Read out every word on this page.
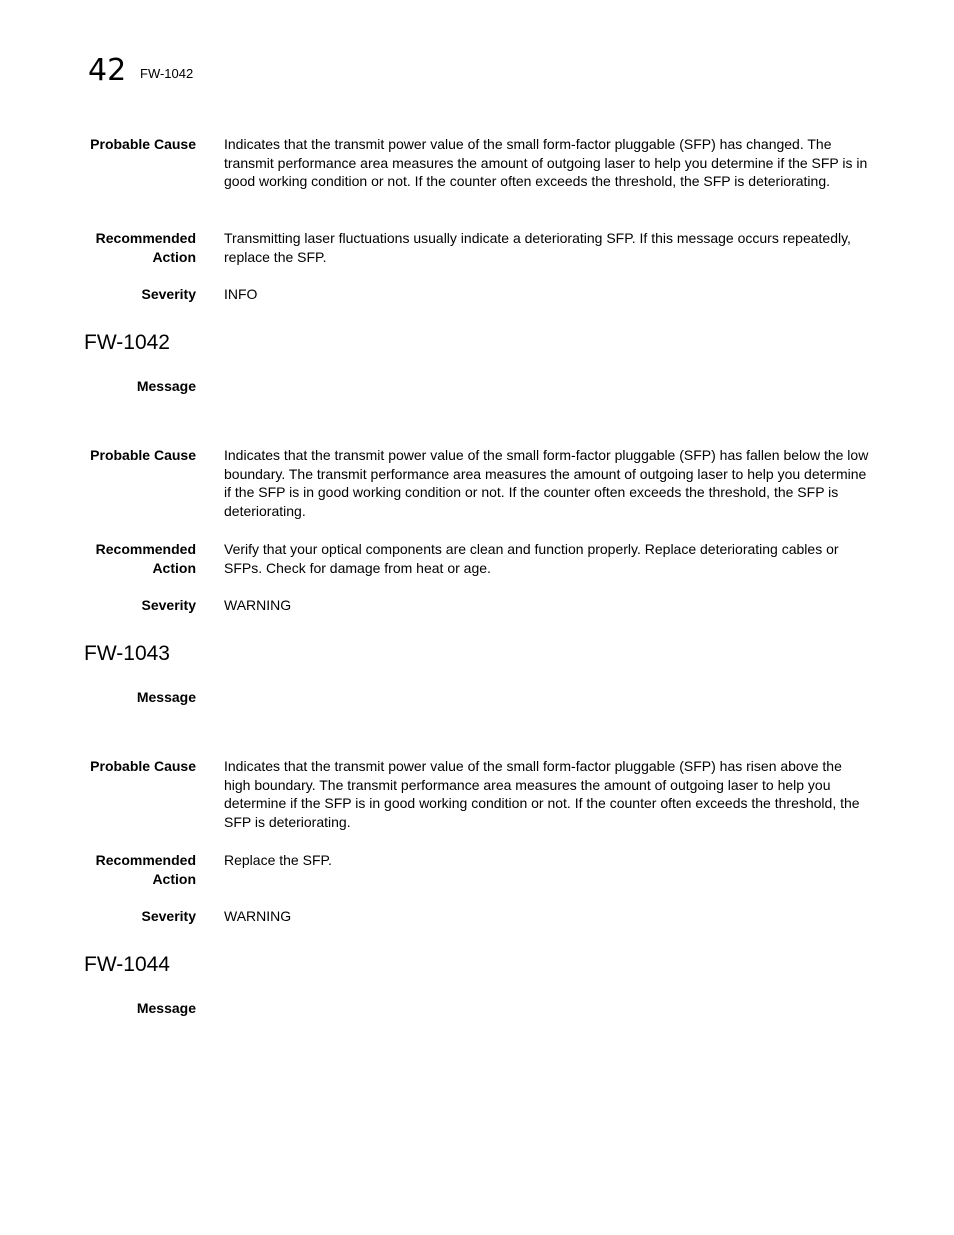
42 FW-1042
Probable Cause Indicates that the transmit power value of the small form-factor pluggable (SFP) has changed. The transmit performance area measures the amount of outgoing laser to help you determine if the SFP is in good working condition or not. If the counter often exceeds the threshold, the SFP is deteriorating.
Recommended
Action
Transmitting laser fluctuations usually indicate a deteriorating SFP. If this message occurs repeatedly, replace the SFP.
Severity INFO
FW-1042
Message
Probable Cause Indicates that the transmit power value of the small form-factor pluggable (SFP) has fallen below the low boundary. The transmit performance area measures the amount of outgoing laser to help you determine if the SFP is in good working condition or not. If the counter often exceeds the threshold, the SFP is deteriorating.
Recommended
Action
Verify that your optical components are clean and function properly. Replace deteriorating cables or SFPs. Check for damage from heat or age.
Severity WARNING
FW-1043
Message
Probable Cause Indicates that the transmit power value of the small form-factor pluggable (SFP) has risen above the high boundary. The transmit performance area measures the amount of outgoing laser to help you determine if the SFP is in good working condition or not. If the counter often exceeds the threshold, the SFP is deteriorating.
Recommended
Action
Replace the SFP.
Severity WARNING
FW-1044
Message
